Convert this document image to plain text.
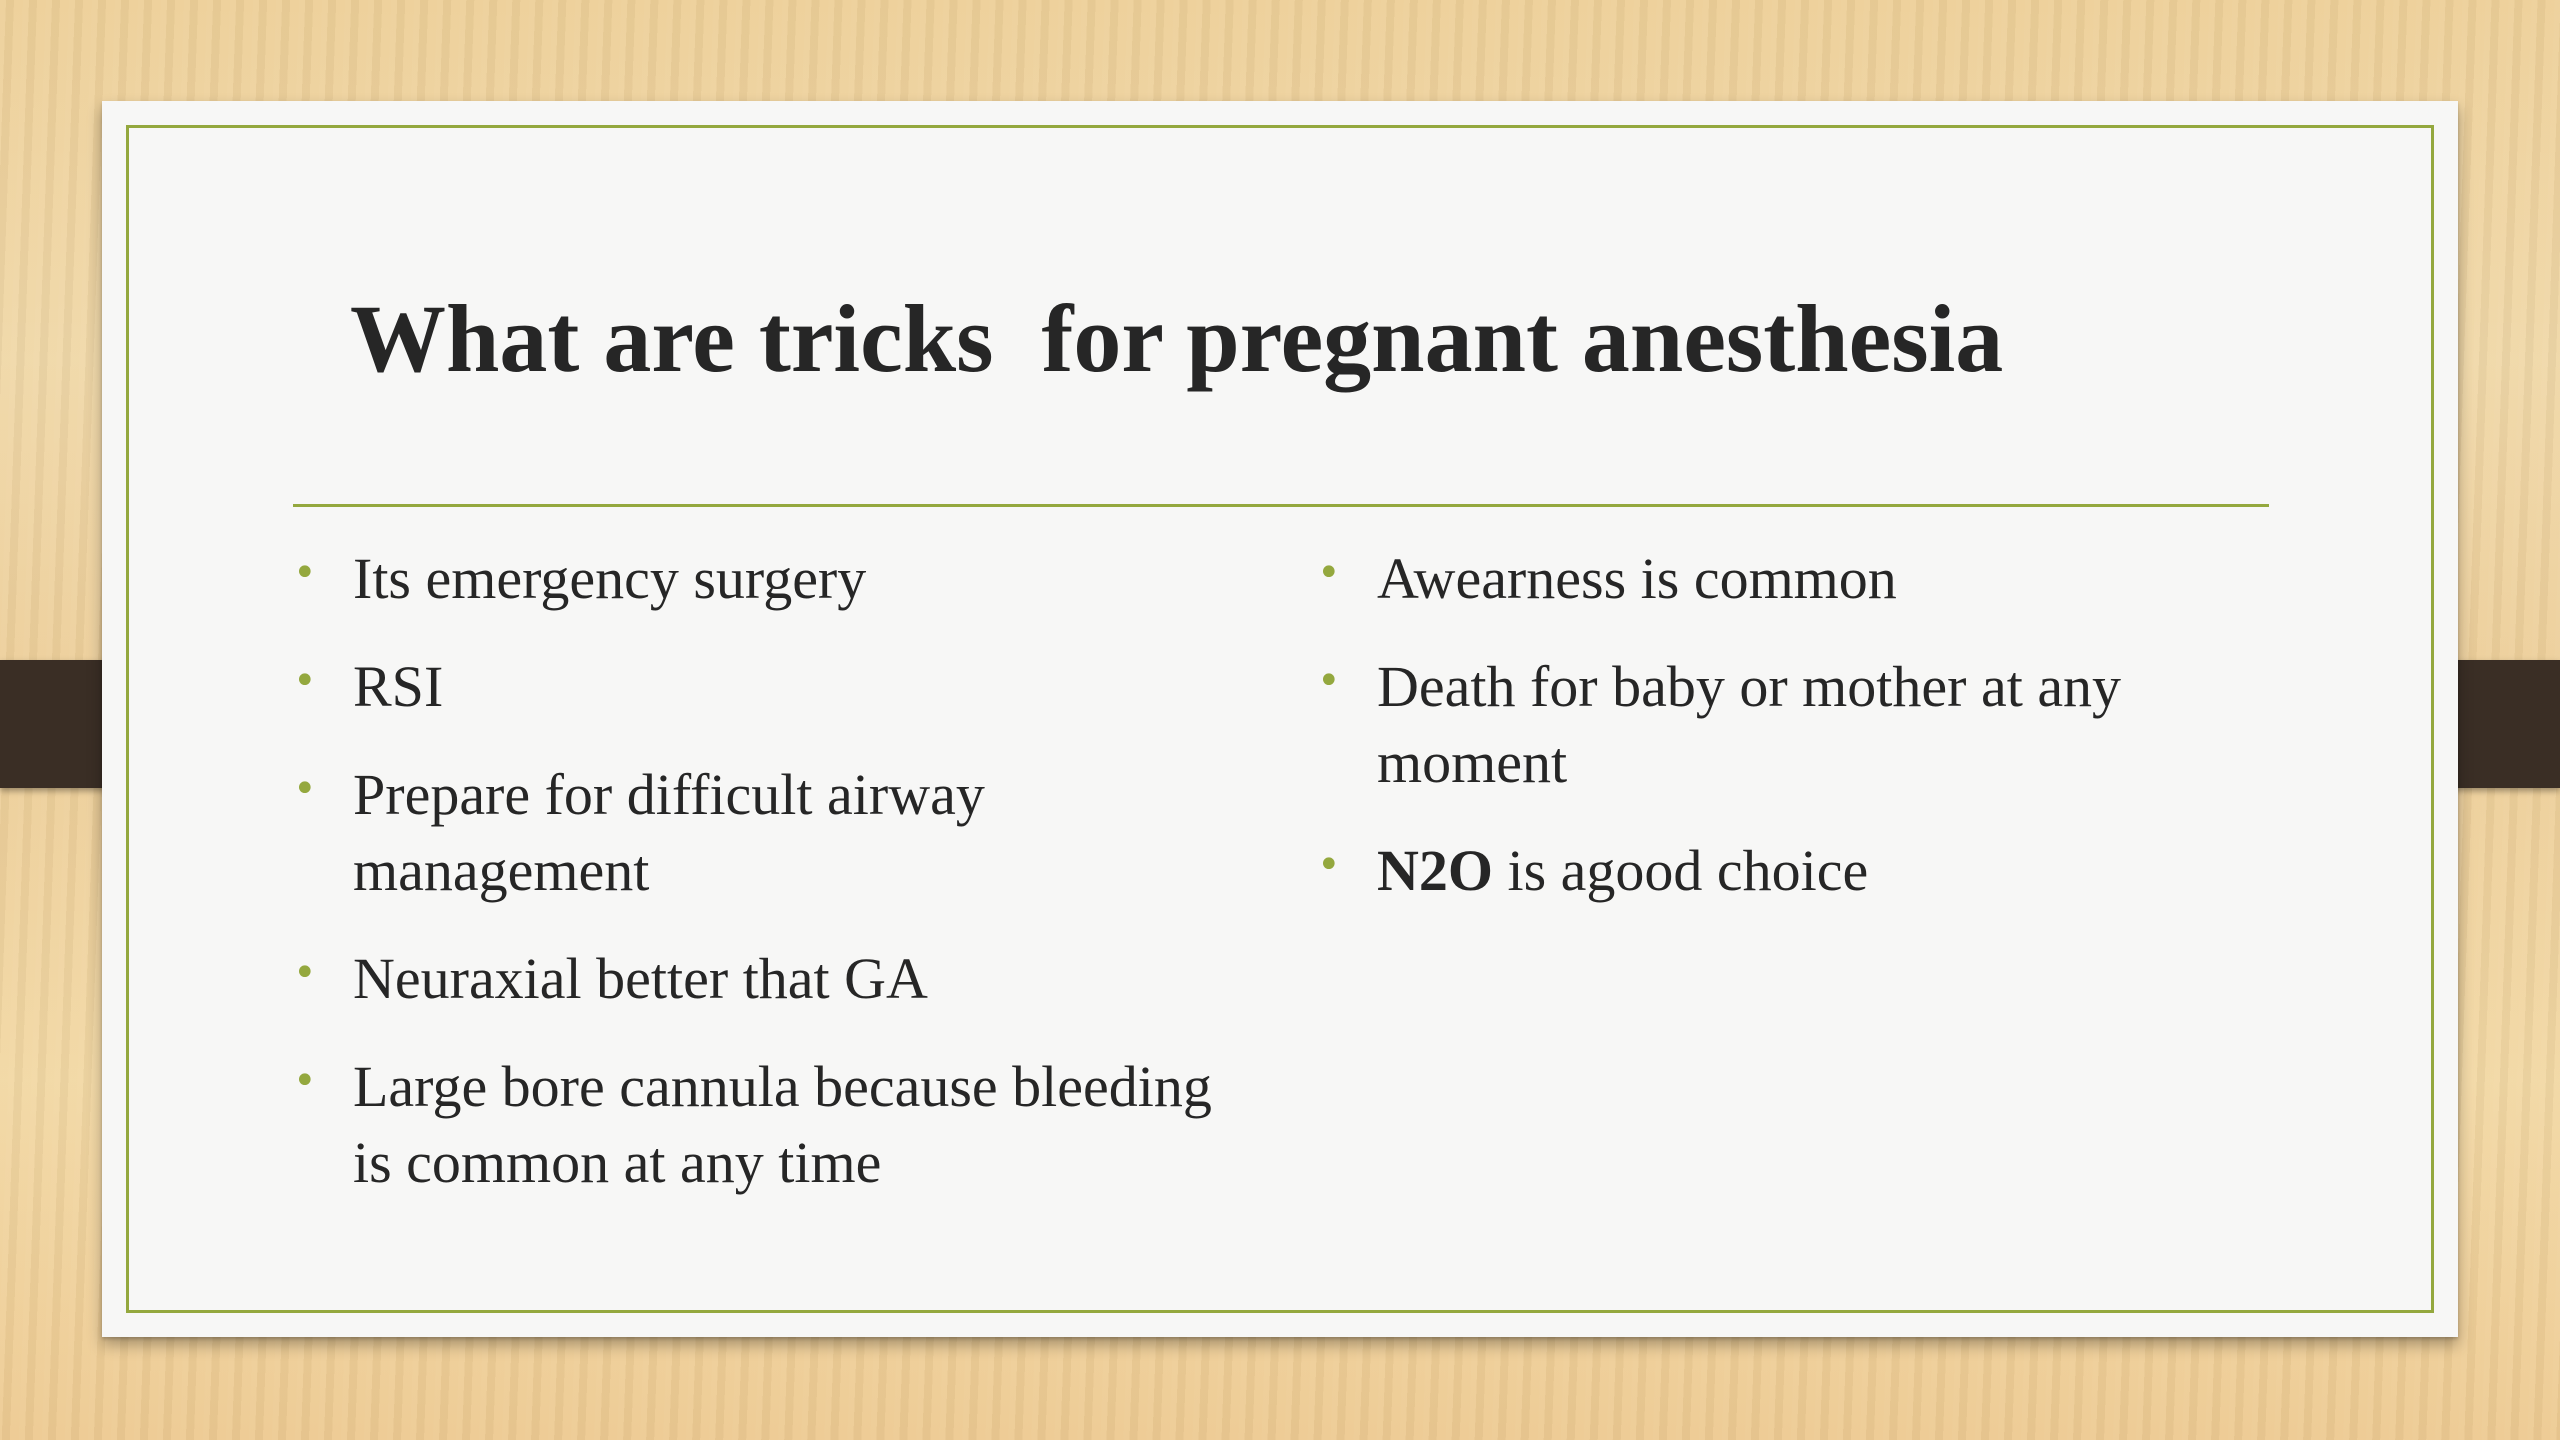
What are tricks  for pregnant anesthesia
• Its emergency surgery
• RSI
• Prepare for difficult airway management
• Neuraxial better that GA
• Large bore cannula because bleeding is common at any time
• Awearness is common
• Death for baby or mother at any moment
• N2O is agood choice
